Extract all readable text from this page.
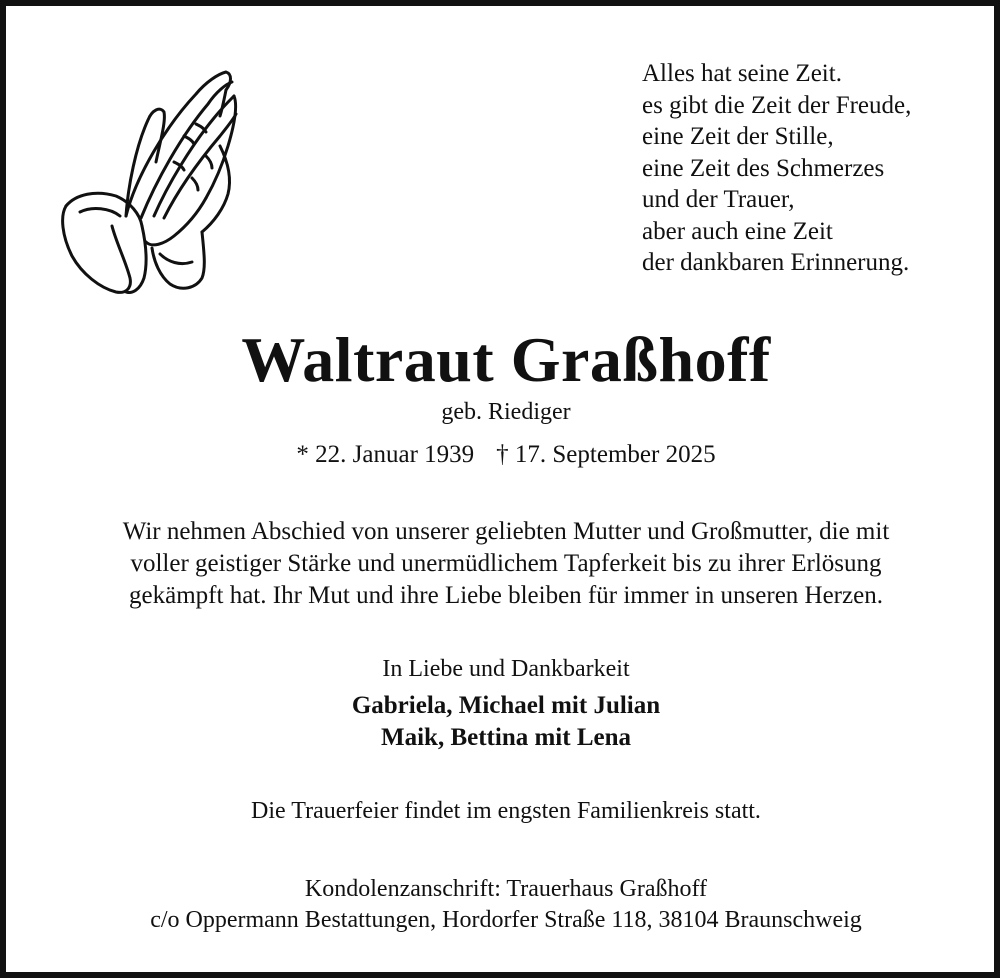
Alles hat seine Zeit.
es gibt die Zeit der Freude,
eine Zeit der Stille,
eine Zeit des Schmerzes
und der Trauer,
aber auch eine Zeit
der dankbaren Erinnerung.
Waltraut Graßhoff
geb. Riediger
* 22. Januar 1939 † 17. September 2025
Wir nehmen Abschied von unserer geliebten Mutter und Großmutter, die mit
voller geistiger Stärke und unermüdlichem Tapferkeit bis zu ihrer Erlösung
gekämpft hat. Ihr Mut und ihre Liebe bleiben für immer in unseren Herzen.
In Liebe und Dankbarkeit
Gabriela, Michael mit Julian
Maik, Bettina mit Lena
Die Trauerfeier findet im engsten Familienkreis statt.
Kondolenzanschrift: Trauerhaus Graßhoff
c/o Oppermann Bestattungen, Hordorfer Straße 118, 38104 Braunschweig
